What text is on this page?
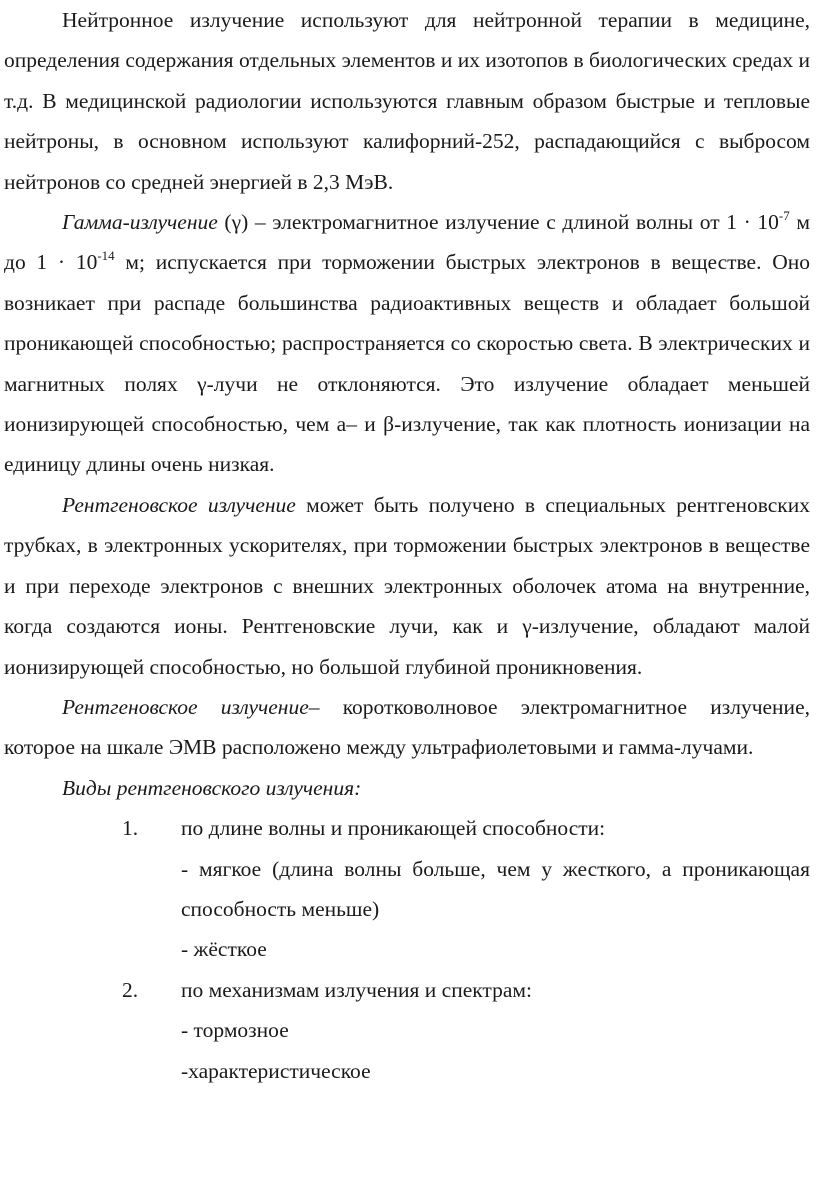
Нейтронное излучение используют для нейтронной терапии в медицине, определения содержания отдельных элементов и их изотопов в биологических средах и т.д. В медицинской радиологии используются главным образом быстрые и тепловые нейтроны, в основном используют калифорний-252, распадающийся с выбросом нейтронов со средней энергией в 2,3 МэВ.

Гамма-излучение (γ) – электромагнитное излучение с длиной волны от $1 \cdot 10^{-7}$ м до $1 \cdot 10^{-14}$ м; испускается при торможении быстрых электронов в веществе. Оно возникает при распаде большинства радиоактивных веществ и обладает большой проникающей способностью; распространяется со скоростью света. В электрических и магнитных полях γ-лучи не отклоняются. Это излучение обладает меньшей ионизирующей способностью, чем а– и β-излучение, так как плотность ионизации на единицу длины очень низкая.

Рентгеновское излучение может быть получено в специальных рентгеновских трубках, в электронных ускорителях, при торможении быстрых электронов в веществе и при переходе электронов с внешних электронных оболочек атома на внутренние, когда создаются ионы. Рентгеновские лучи, как и γ-излучение, обладают малой ионизирующей способностью, но большой глубиной проникновения.

Рентгеновское излучение– коротковолновое электромагнитное излучение, которое на шкале ЭМВ расположено между ультрафиолетовыми и гамма-лучами.

Виды рентгеновского излучения:

1. по длине волны и проникающей способности:

- мягкое (длина волны больше, чем у жесткого, а проникающая способность меньше)

- жёсткое

2. по механизмам излучения и спектрам:

- тормозное

-характеристическое
